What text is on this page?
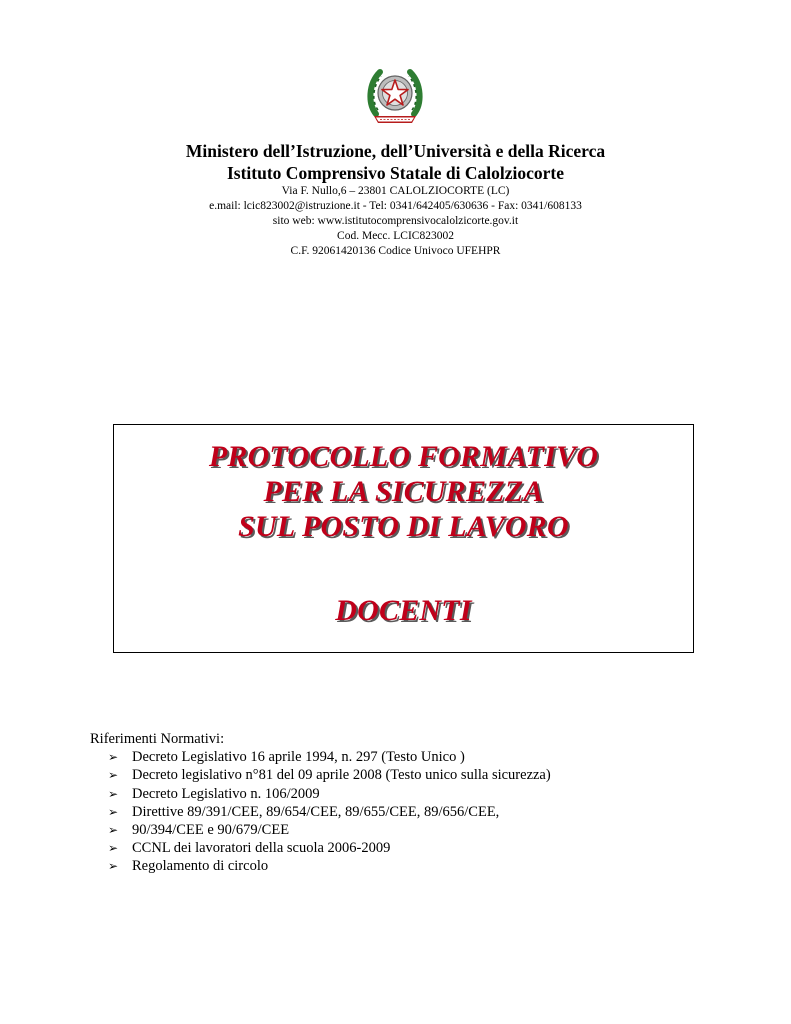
Ministero dell’Istruzione, dell’Università e della Ricerca

Istituto Comprensivo Statale di Calolziocorte

Via F. Nullo,6 – 23801 CALOLZIOCORTE (LC)

e.mail: lcic823002@istruzione.it - Tel: 0341/642405/630636 - Fax: 0341/608133

sito web: www.istitutocomprensivocalolzicorte.gov.it

Cod. Mecc. LCIC823002

C.F. 92061420136 Codice Univoco UFEHPR

PROTOCOLLO FORMATIVO

PER LA SICUREZZA

SUL POSTO DI LAVORO

DOCENTI

Riferimenti Normativi:

➢ Decreto Legislativo 16 aprile 1994, n. 297 (Testo Unico )
➢ Decreto legislativo n°81 del 09 aprile 2008 (Testo unico sulla sicurezza)
➢ Decreto Legislativo n. 106/2009
➢ Direttive 89/391/CEE, 89/654/CEE, 89/655/CEE, 89/656/CEE,
➢ 90/394/CEE e 90/679/CEE
➢ CCNL dei lavoratori della scuola 2006-2009
➢ Regolamento di circolo
